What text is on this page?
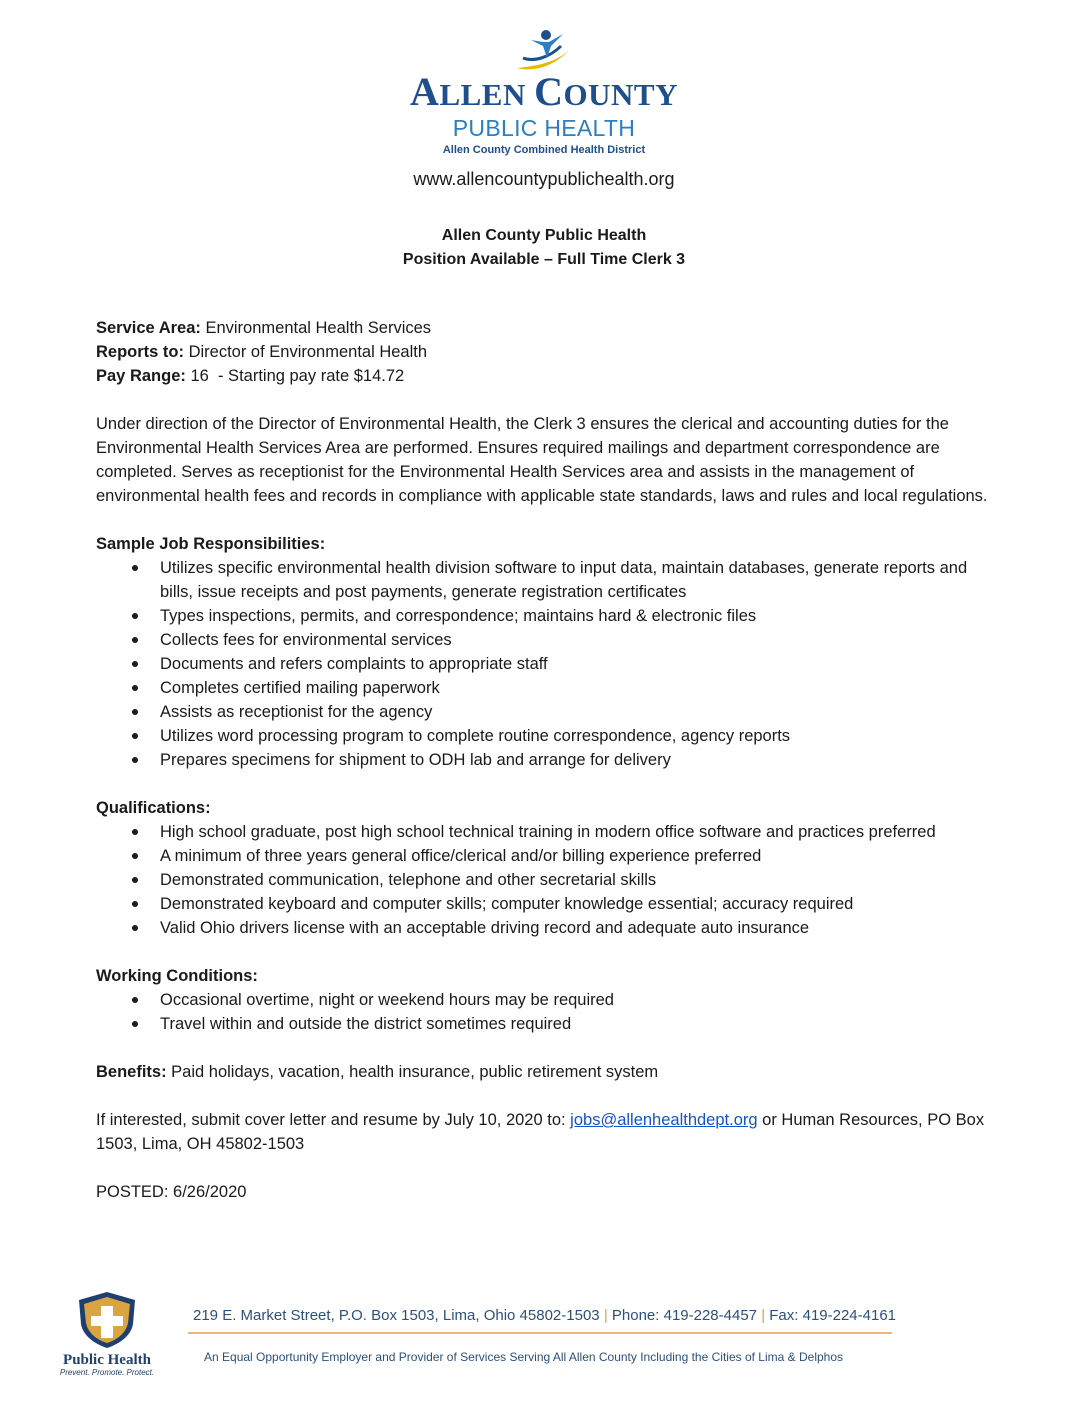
ALLEN COUNTY
PUBLIC HEALTH
Allen County Combined Health District
www.allencountypublichealth.org
Allen County Public Health
Position Available – Full Time Clerk 3

Service Area: Environmental Health Services

Reports to: Director of Environmental Health

Pay Range: 16  - Starting pay rate $14.72

Under direction of the Director of Environmental Health, the Clerk 3 ensures the clerical and accounting duties for the Environmental Health Services Area are performed. Ensures required mailings and department correspondence are completed. Serves as receptionist for the Environmental Health Services area and assists in the management of environmental health fees and records in compliance with applicable state standards, laws and rules and local regulations.

Sample Job Responsibilities:

Utilizes specific environmental health division software to input data, maintain databases, generate reports and bills, issue receipts and post payments, generate registration certificates
Types inspections, permits, and correspondence; maintains hard & electronic files
Collects fees for environmental services
Documents and refers complaints to appropriate staff
Completes certified mailing paperwork
Assists as receptionist for the agency
Utilizes word processing program to complete routine correspondence, agency reports
Prepares specimens for shipment to ODH lab and arrange for delivery

Qualifications:

High school graduate, post high school technical training in modern office software and practices preferred
A minimum of three years general office/clerical and/or billing experience preferred
Demonstrated communication, telephone and other secretarial skills
Demonstrated keyboard and computer skills; computer knowledge essential; accuracy required
Valid Ohio drivers license with an acceptable driving record and adequate auto insurance

Working Conditions:

Occasional overtime, night or weekend hours may be required
Travel within and outside the district sometimes required

Benefits: Paid holidays, vacation, health insurance, public retirement system

If interested, submit cover letter and resume by July 10, 2020 to: jobs@allenhealthdept.org or Human Resources, PO Box 1503, Lima, OH 45802-1503

POSTED: 6/26/2020

Public Health
Prevent. Promote. Protect.
219 E. Market Street, P.O. Box 1503, Lima, Ohio 45802-1503 | Phone: 419-228-4457 | Fax: 419-224-4161
An Equal Opportunity Employer and Provider of Services Serving All Allen County Including the Cities of Lima & Delphos
